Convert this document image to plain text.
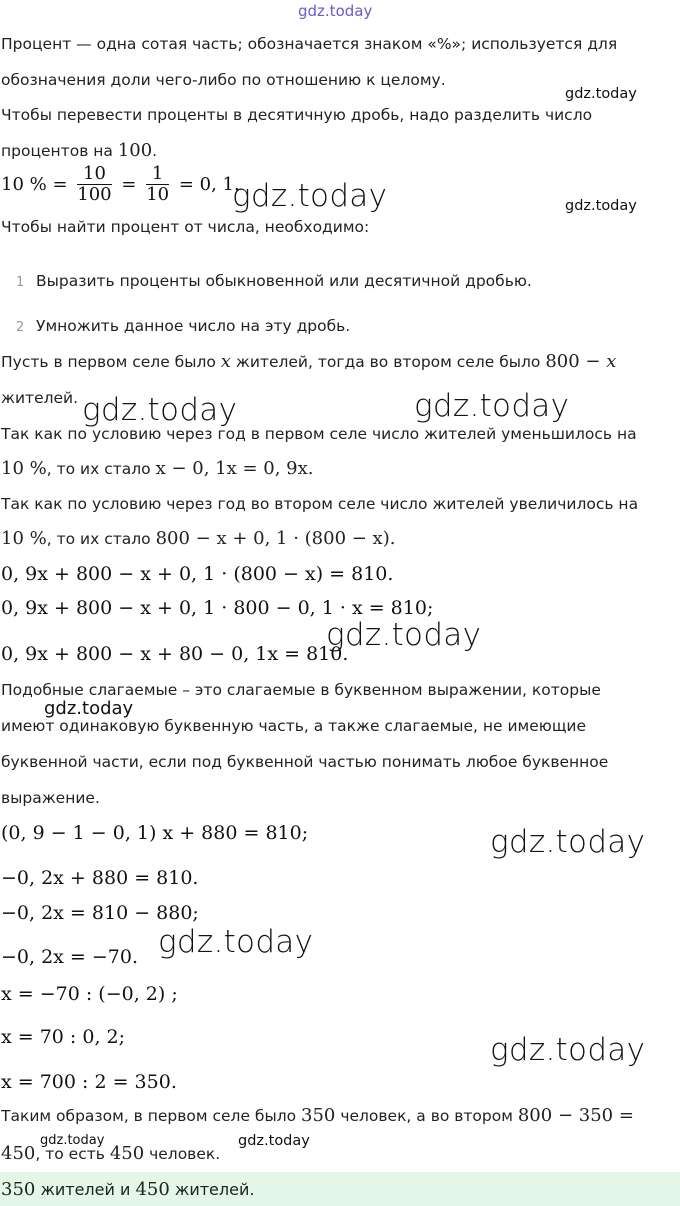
gdz.today
gdz.today
gdz.today	gdz.today
gdz.today	gdz.today
gdz.today
gdz.today
gdz.today
gdz.today
gdz.today
gdz.today	gdz.today
Процент — одна сотая часть; обозначается знаком «%»; используется для
обозначения доли чего-либо по отношению к целому.
Чтобы перевести проценты в десятичную дробь, надо разделить число
процентов на 100.
10 % = $\frac{10}{100} = \frac{1}{10} = 0$, 1.
Чтобы найти процент от числа, необходимо:
1 Выразить проценты обыкновенной или десятичной дробью.
2 Умножить данное число на эту дробь.
Пусть в первом селе было x жителей, тогда во втором селе было 800 − x
жителей.
Так как по условию через год в первом селе число жителей уменьшилось на
10 %, то их стало x − 0, 1x = 0, 9x.
Так как по условию через год во втором селе число жителей увеличилось на
10 %, то их стало 800 − x + 0, 1 · (800 − x).
0, 9x + 800 − x + 0, 1 · (800 − x) = 810.
0, 9x + 800 − x + 0, 1 · 800 − 0, 1 · x = 810;
0, 9x + 800 − x + 80 − 0, 1x = 810.
Подобные слагаемые – это слагаемые в буквенном выражении, которые
имеют одинаковую буквенную часть, а также слагаемые, не имеющие
буквенной части, если под буквенной частью понимать любое буквенное
выражение.
(0, 9 − 1 − 0, 1) x + 880 = 810;
−0, 2x + 880 = 810.
−0, 2x = 810 − 880;
−0, 2x = −70.
x = −70 : (−0, 2) ;
x = 70 : 0, 2;
x = 700 : 2 = 350.
Таким образом, в первом селе было 350 человек, а во втором 800 − 350 =
450, то есть 450 человек.
350 жителей и 450 жителей.
